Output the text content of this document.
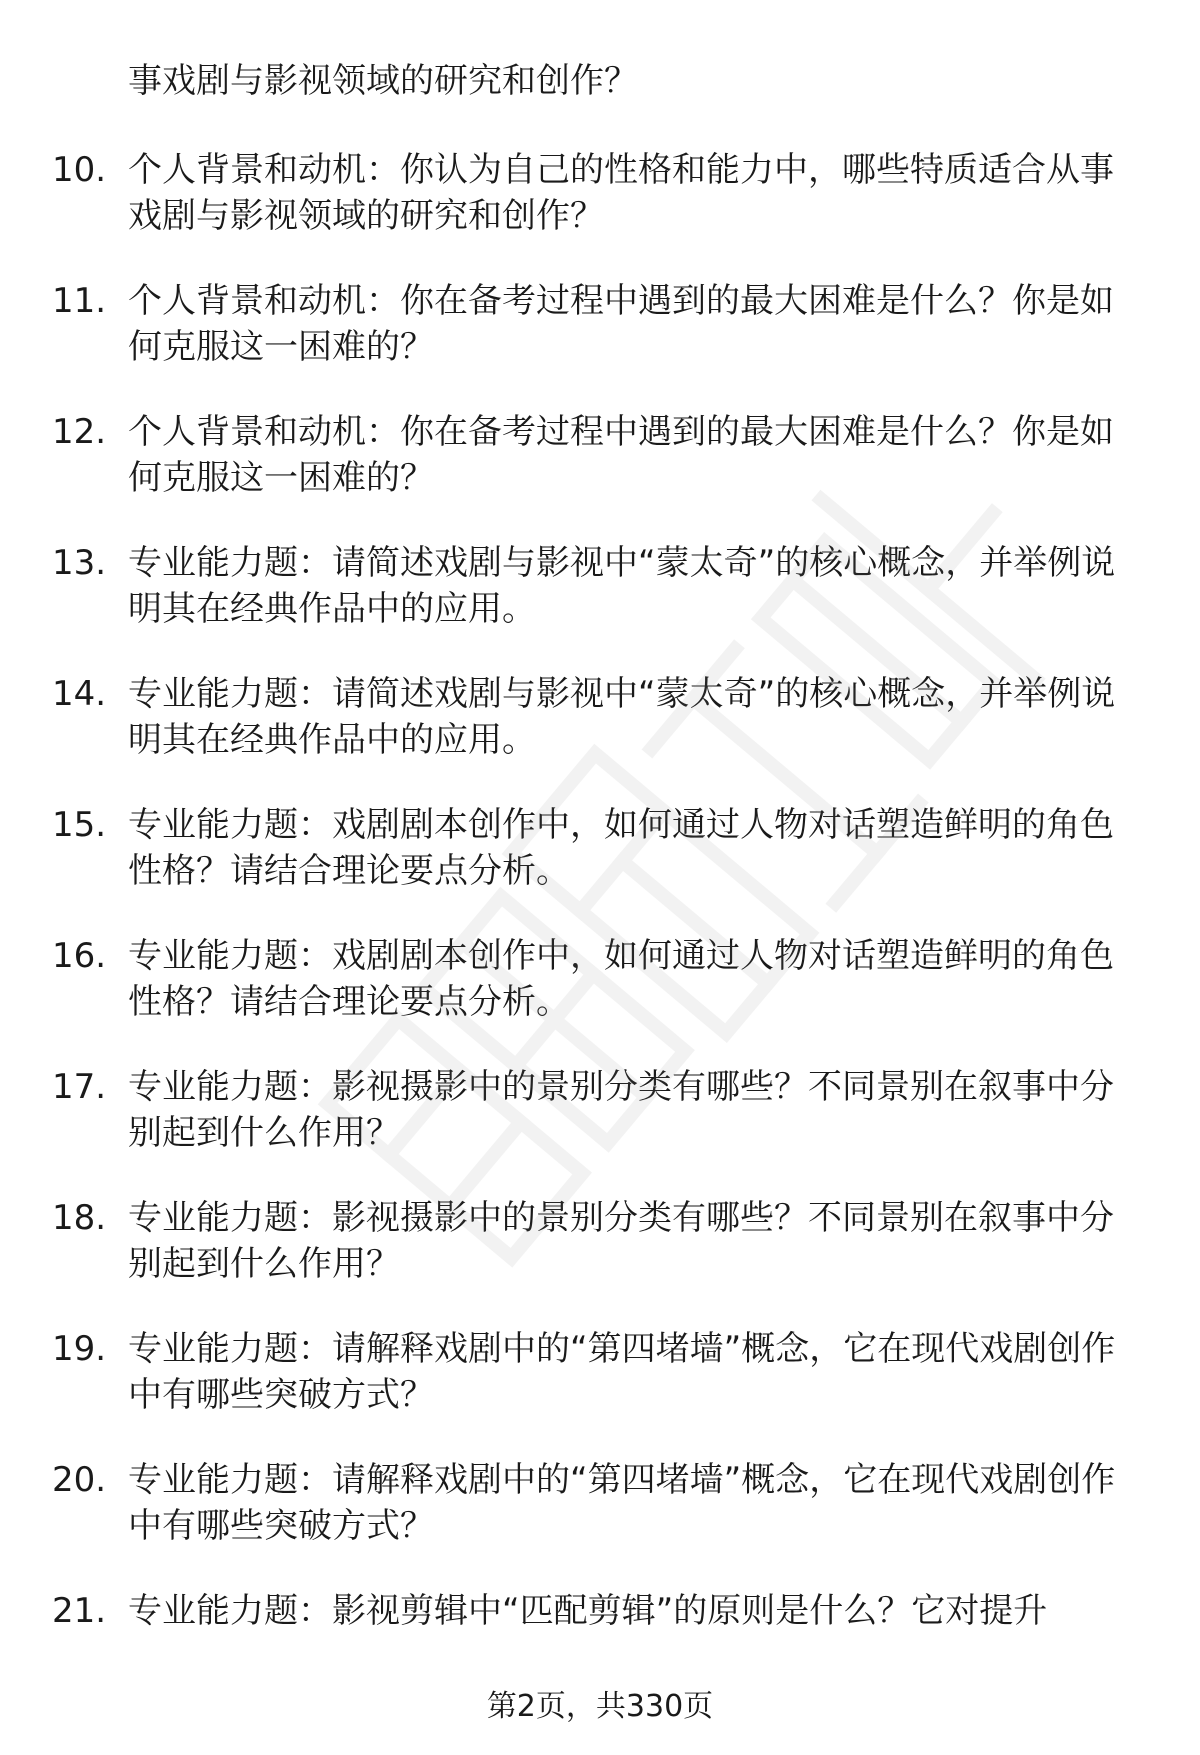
事戏剧与影视领域的研究和创作？

10. 个人背景和动机：你认为自己的性格和能力中，哪些特质适合从事戏剧与影视领域的研究和创作？
11. 个人背景和动机：你在备考过程中遇到的最大困难是什么？你是如何克服这一困难的？
12. 个人背景和动机：你在备考过程中遇到的最大困难是什么？你是如何克服这一困难的？
13. 专业能力题：请简述戏剧与影视中“蒙太奇”的核心概念，并举例说明其在经典作品中的应用。
14. 专业能力题：请简述戏剧与影视中“蒙太奇”的核心概念，并举例说明其在经典作品中的应用。
15. 专业能力题：戏剧剧本创作中，如何通过人物对话塑造鲜明的角色性格？请结合理论要点分析。
16. 专业能力题：戏剧剧本创作中，如何通过人物对话塑造鲜明的角色性格？请结合理论要点分析。
17. 专业能力题：影视摄影中的景别分类有哪些？不同景别在叙事中分别起到什么作用？
18. 专业能力题：影视摄影中的景别分类有哪些？不同景别在叙事中分别起到什么作用？
19. 专业能力题：请解释戏剧中的“第四堵墙”概念，它在现代戏剧创作中有哪些突破方式？
20. 专业能力题：请解释戏剧中的“第四堵墙”概念，它在现代戏剧创作中有哪些突破方式？
21. 专业能力题：影视剪辑中“匹配剪辑”的原则是什么？它对提升
第2页，共330页
